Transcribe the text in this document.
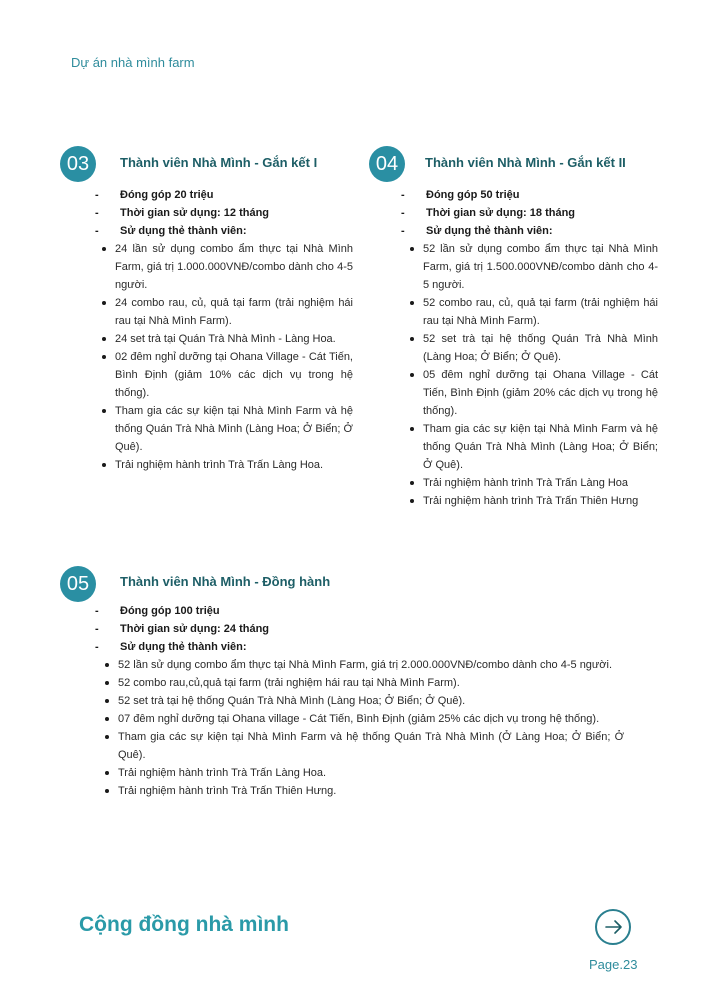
Dự án nhà mình farm
03	Thành viên Nhà Mình - Gắn kết I
- Đóng góp 20 triệu
- Thời gian sử dụng: 12 tháng
- Sử dụng thẻ thành viên:
24 lần sử dụng combo ẩm thực tại Nhà Mình Farm, giá trị 1.000.000VNĐ/combo dành cho 4-5 người.
24 combo rau, củ, quả tại farm (trải nghiệm hái rau tại Nhà Mình Farm).
24 set trà tại Quán Trà Nhà Mình - Làng Hoa.
02 đêm nghỉ dưỡng tại Ohana Village - Cát Tiến, Bình Định (giảm 10% các dịch vụ trong hệ thống).
Tham gia các sự kiện tại Nhà Mình Farm và hệ thống Quán Trà Nhà Mình (Làng Hoa; Ở Biển; Ở Quê).
Trải nghiệm hành trình Trà Trấn Làng Hoa.
04	Thành viên Nhà Mình - Gắn kết II
- Đóng góp 50 triệu
- Thời gian sử dụng: 18 tháng
- Sử dụng thẻ thành viên:
52 lần sử dụng combo ẩm thực tại Nhà Mình Farm, giá trị 1.500.000VNĐ/combo dành cho 4-5 người.
52 combo rau, củ, quả tại farm (trải nghiệm hái rau tại Nhà Mình Farm).
52 set trà tại hệ thống Quán Trà Nhà Mình (Làng Hoa; Ở Biển; Ở Quê).
05 đêm nghỉ dưỡng tại Ohana Village - Cát Tiến, Bình Định (giảm 20% các dịch vụ trong hệ thống).
Tham gia các sự kiện tại Nhà Mình Farm và hệ thống Quán Trà Nhà Mình (Làng Hoa; Ở Biển; Ở Quê).
Trải nghiệm hành trình Trà Trấn Làng Hoa
Trải nghiệm hành trình Trà Trấn Thiên Hưng
05	Thành viên Nhà Mình - Đồng hành
- Đóng góp 100 triệu
- Thời gian sử dụng: 24 tháng
- Sử dụng thẻ thành viên:
52 lần sử dụng combo ẩm thực tại Nhà Mình Farm, giá trị 2.000.000VNĐ/combo dành cho 4-5 người.
52 combo rau,củ,quả tại farm (trải nghiệm hái rau tại Nhà Mình Farm).
52 set trà tại hệ thống Quán Trà Nhà Mình (Làng Hoa; Ở Biển; Ở Quê).
07 đêm nghỉ dưỡng tại Ohana village - Cát Tiến, Bình Định (giảm 25% các dịch vụ trong hệ thống).
Tham gia các sự kiện tại Nhà Mình Farm và hệ thống Quán Trà Nhà Mình (Ở Làng Hoa; Ở Biển; Ở Quê).
Trải nghiệm hành trình Trà Trấn Làng Hoa.
Trải nghiệm hành trình Trà Trấn Thiên Hưng.
Cộng đồng nhà mình
Page.23
